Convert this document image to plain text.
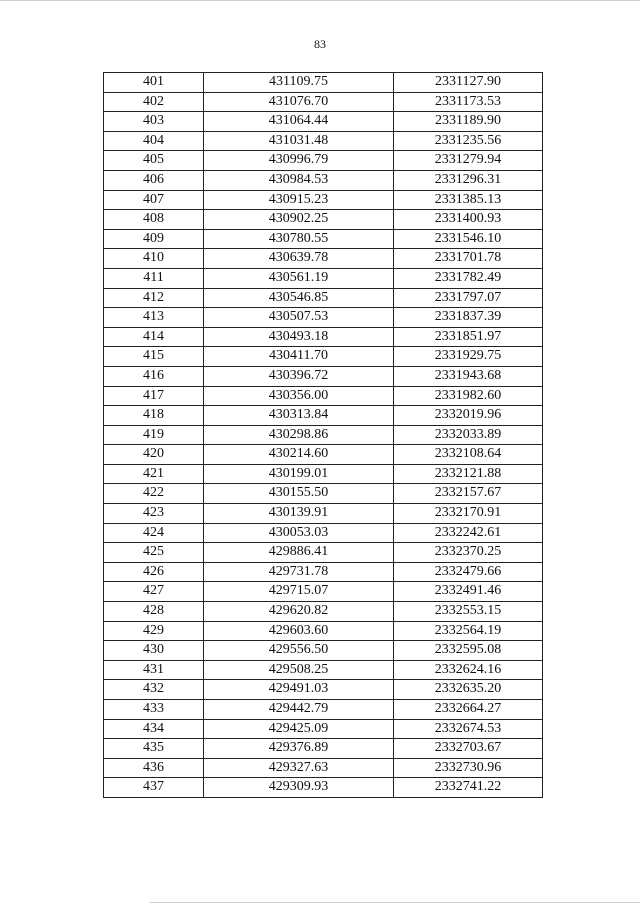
83
401	431109.75	2331127.90
402	431076.70	2331173.53
403	431064.44	2331189.90
404	431031.48	2331235.56
405	430996.79	2331279.94
406	430984.53	2331296.31
407	430915.23	2331385.13
408	430902.25	2331400.93
409	430780.55	2331546.10
410	430639.78	2331701.78
411	430561.19	2331782.49
412	430546.85	2331797.07
413	430507.53	2331837.39
414	430493.18	2331851.97
415	430411.70	2331929.75
416	430396.72	2331943.68
417	430356.00	2331982.60
418	430313.84	2332019.96
419	430298.86	2332033.89
420	430214.60	2332108.64
421	430199.01	2332121.88
422	430155.50	2332157.67
423	430139.91	2332170.91
424	430053.03	2332242.61
425	429886.41	2332370.25
426	429731.78	2332479.66
427	429715.07	2332491.46
428	429620.82	2332553.15
429	429603.60	2332564.19
430	429556.50	2332595.08
431	429508.25	2332624.16
432	429491.03	2332635.20
433	429442.79	2332664.27
434	429425.09	2332674.53
435	429376.89	2332703.67
436	429327.63	2332730.96
437	429309.93	2332741.22
